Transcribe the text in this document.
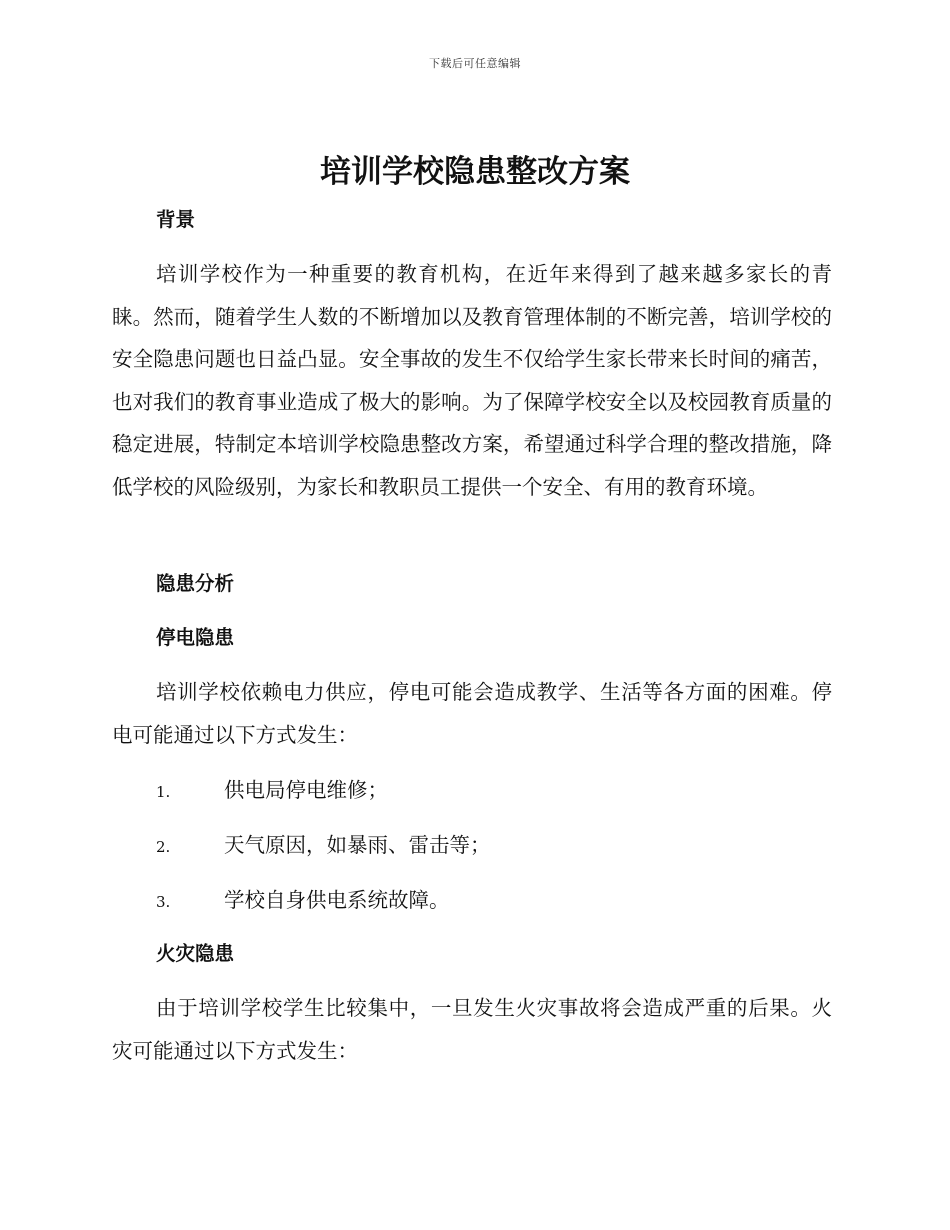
下载后可任意编辑
培训学校隐患整改方案
背景

培训学校作为一种重要的教育机构，在近年来得到了越来越多家长的青睐。然而，随着学生人数的不断增加以及教育管理体制的不断完善，培训学校的安全隐患问题也日益凸显。安全事故的发生不仅给学生家长带来长时间的痛苦，也对我们的教育事业造成了极大的影响。为了保障学校安全以及校园教育质量的稳定进展，特制定本培训学校隐患整改方案，希望通过科学合理的整改措施，降低学校的风险级别，为家长和教职员工提供一个安全、有用的教育环境。

隐患分析
停电隐患

培训学校依赖电力供应，停电可能会造成教学、生活等各方面的困难。停电可能通过以下方式发生：

1.	供电局停电维修；
2.	天气原因，如暴雨、雷击等；
3.	学校自身供电系统故障。
火灾隐患

由于培训学校学生比较集中，一旦发生火灾事故将会造成严重的后果。火灾可能通过以下方式发生：
